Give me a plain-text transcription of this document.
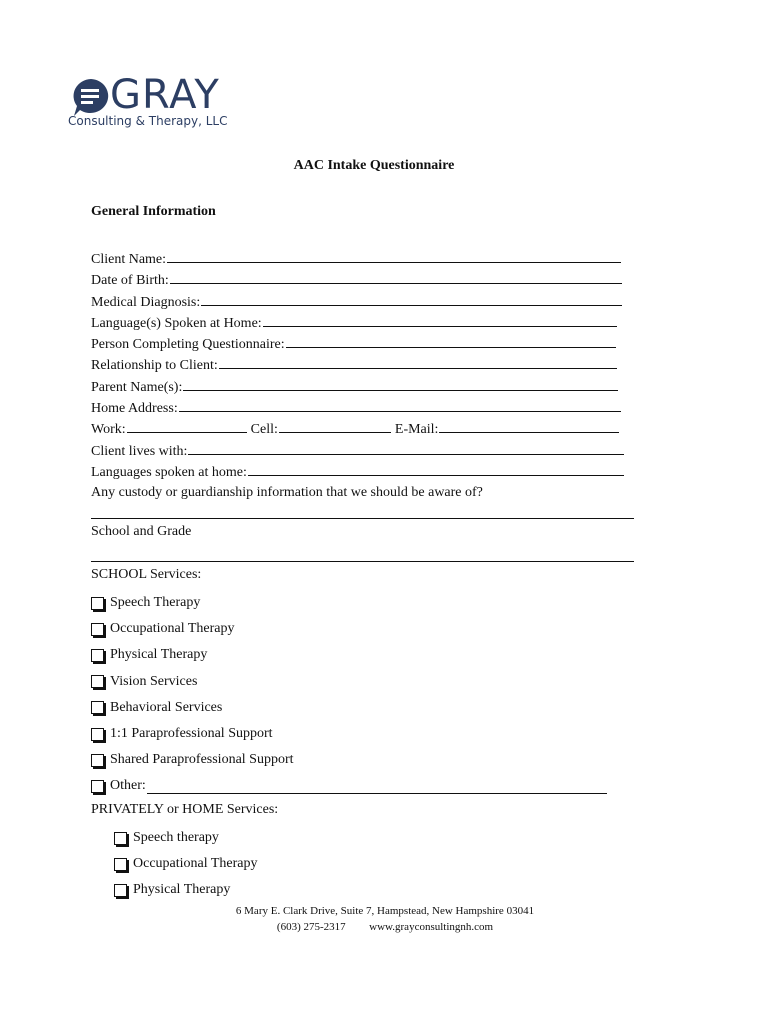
GRAY
Consulting & Therapy, LLC
AAC Intake Questionnaire
General Information
Client Name:
Date of Birth:
Medical Diagnosis:
Language(s) Spoken at Home:
Person Completing Questionnaire:
Relationship to Client:
Parent Name(s):
Home Address:
Work:	Cell:	E-Mail:
Client lives with:
Languages spoken at home:
Any custody or guardianship information that we should be aware of?
School and Grade
SCHOOL Services:
Speech Therapy
Occupational Therapy
Physical Therapy
Vision Services
Behavioral Services
1:1 Paraprofessional Support
Shared Paraprofessional Support
Other:
PRIVATELY or HOME Services:
Speech therapy
Occupational Therapy
Physical Therapy
6 Mary E. Clark Drive, Suite 7, Hampstead, New Hampshire 03041
(603) 275-2317 www.grayconsultingnh.com
